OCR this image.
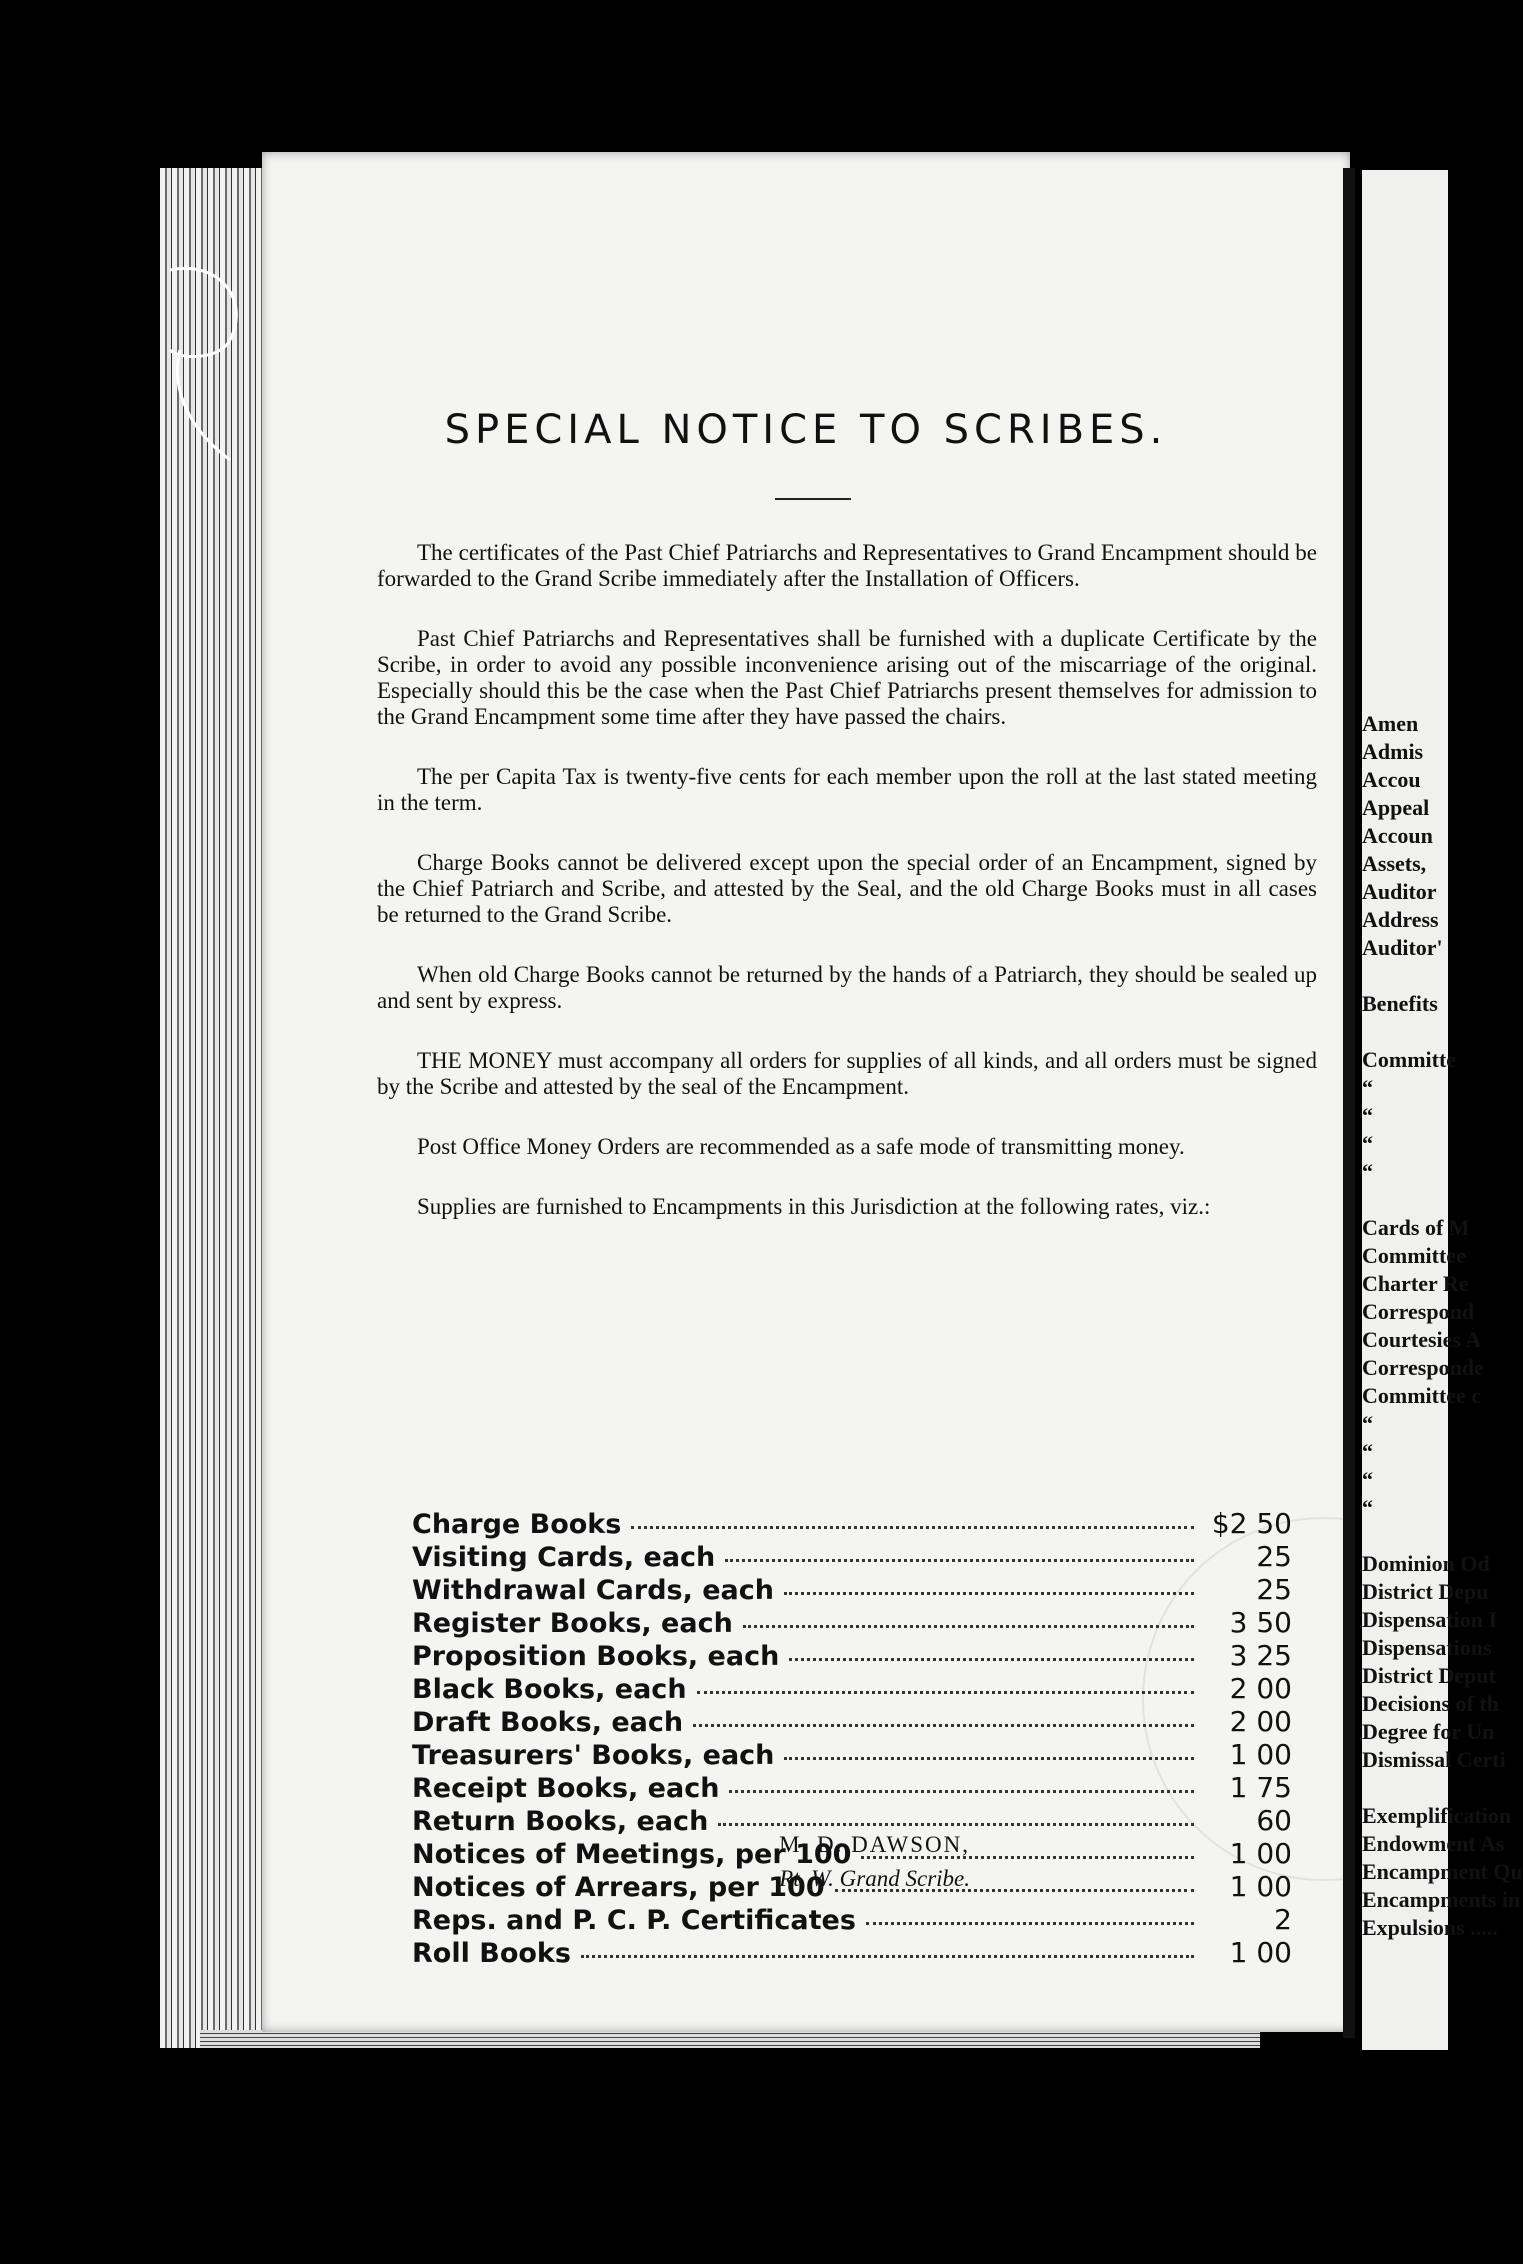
SPECIAL NOTICE TO SCRIBES.

The certificates of the Past Chief Patriarchs and Representatives to Grand Encampment should be forwarded to the Grand Scribe immediately after the Installation of Officers.

Past Chief Patriarchs and Representatives shall be furnished with a duplicate Certificate by the Scribe, in order to avoid any possible inconvenience arising out of the miscarriage of the original. Especially should this be the case when the Past Chief Patriarchs present themselves for admission to the Grand Encampment some time after they have passed the chairs.

The per Capita Tax is twenty-five cents for each member upon the roll at the last stated meeting in the term.

Charge Books cannot be delivered except upon the special order of an Encampment, signed by the Chief Patriarch and Scribe, and attested by the Seal, and the old Charge Books must in all cases be returned to the Grand Scribe.

When old Charge Books cannot be returned by the hands of a Patriarch, they should be sealed up and sent by express.

THE MONEY must accompany all orders for supplies of all kinds, and all orders must be signed by the Scribe and attested by the seal of the Encampment.

Post Office Money Orders are recommended as a safe mode of transmitting money.

Supplies are furnished to Encampments in this Jurisdiction at the following rates, viz.:

Charge Books	$2 50
Visiting Cards, each	25
Withdrawal Cards, each	25
Register Books, each	3 50
Proposition Books, each	3 25
Black Books, each	2 00
Draft Books, each	2 00
Treasurers' Books, each	1 00
Receipt Books, each	1 75
Return Books, each	60
Notices of Meetings, per 100	1 00
Notices of Arrears, per 100	1 00
Reps. and P. C. P. Certificates	2
Roll Books	1 00
M. D. DAWSON,
Rt. W. Grand Scribe.
Amen
Admis
Accou
Appeal
Accoun
Assets,
Auditor
Address
Auditor'
Benefits
Committe
“
“
“
“
Cards of M
Committee
Charter Re
Correspond
Courtesies A
Corresponde
Committee c
“
“
“
“
Dominion Od
District Depu
Dispensation I
Dispensations
District Deput
Decisions of th
Degree for Un
Dismissal Certi
Exemplification
Endowment As
Encampment Qu
Encampments in
Expulsions .....
